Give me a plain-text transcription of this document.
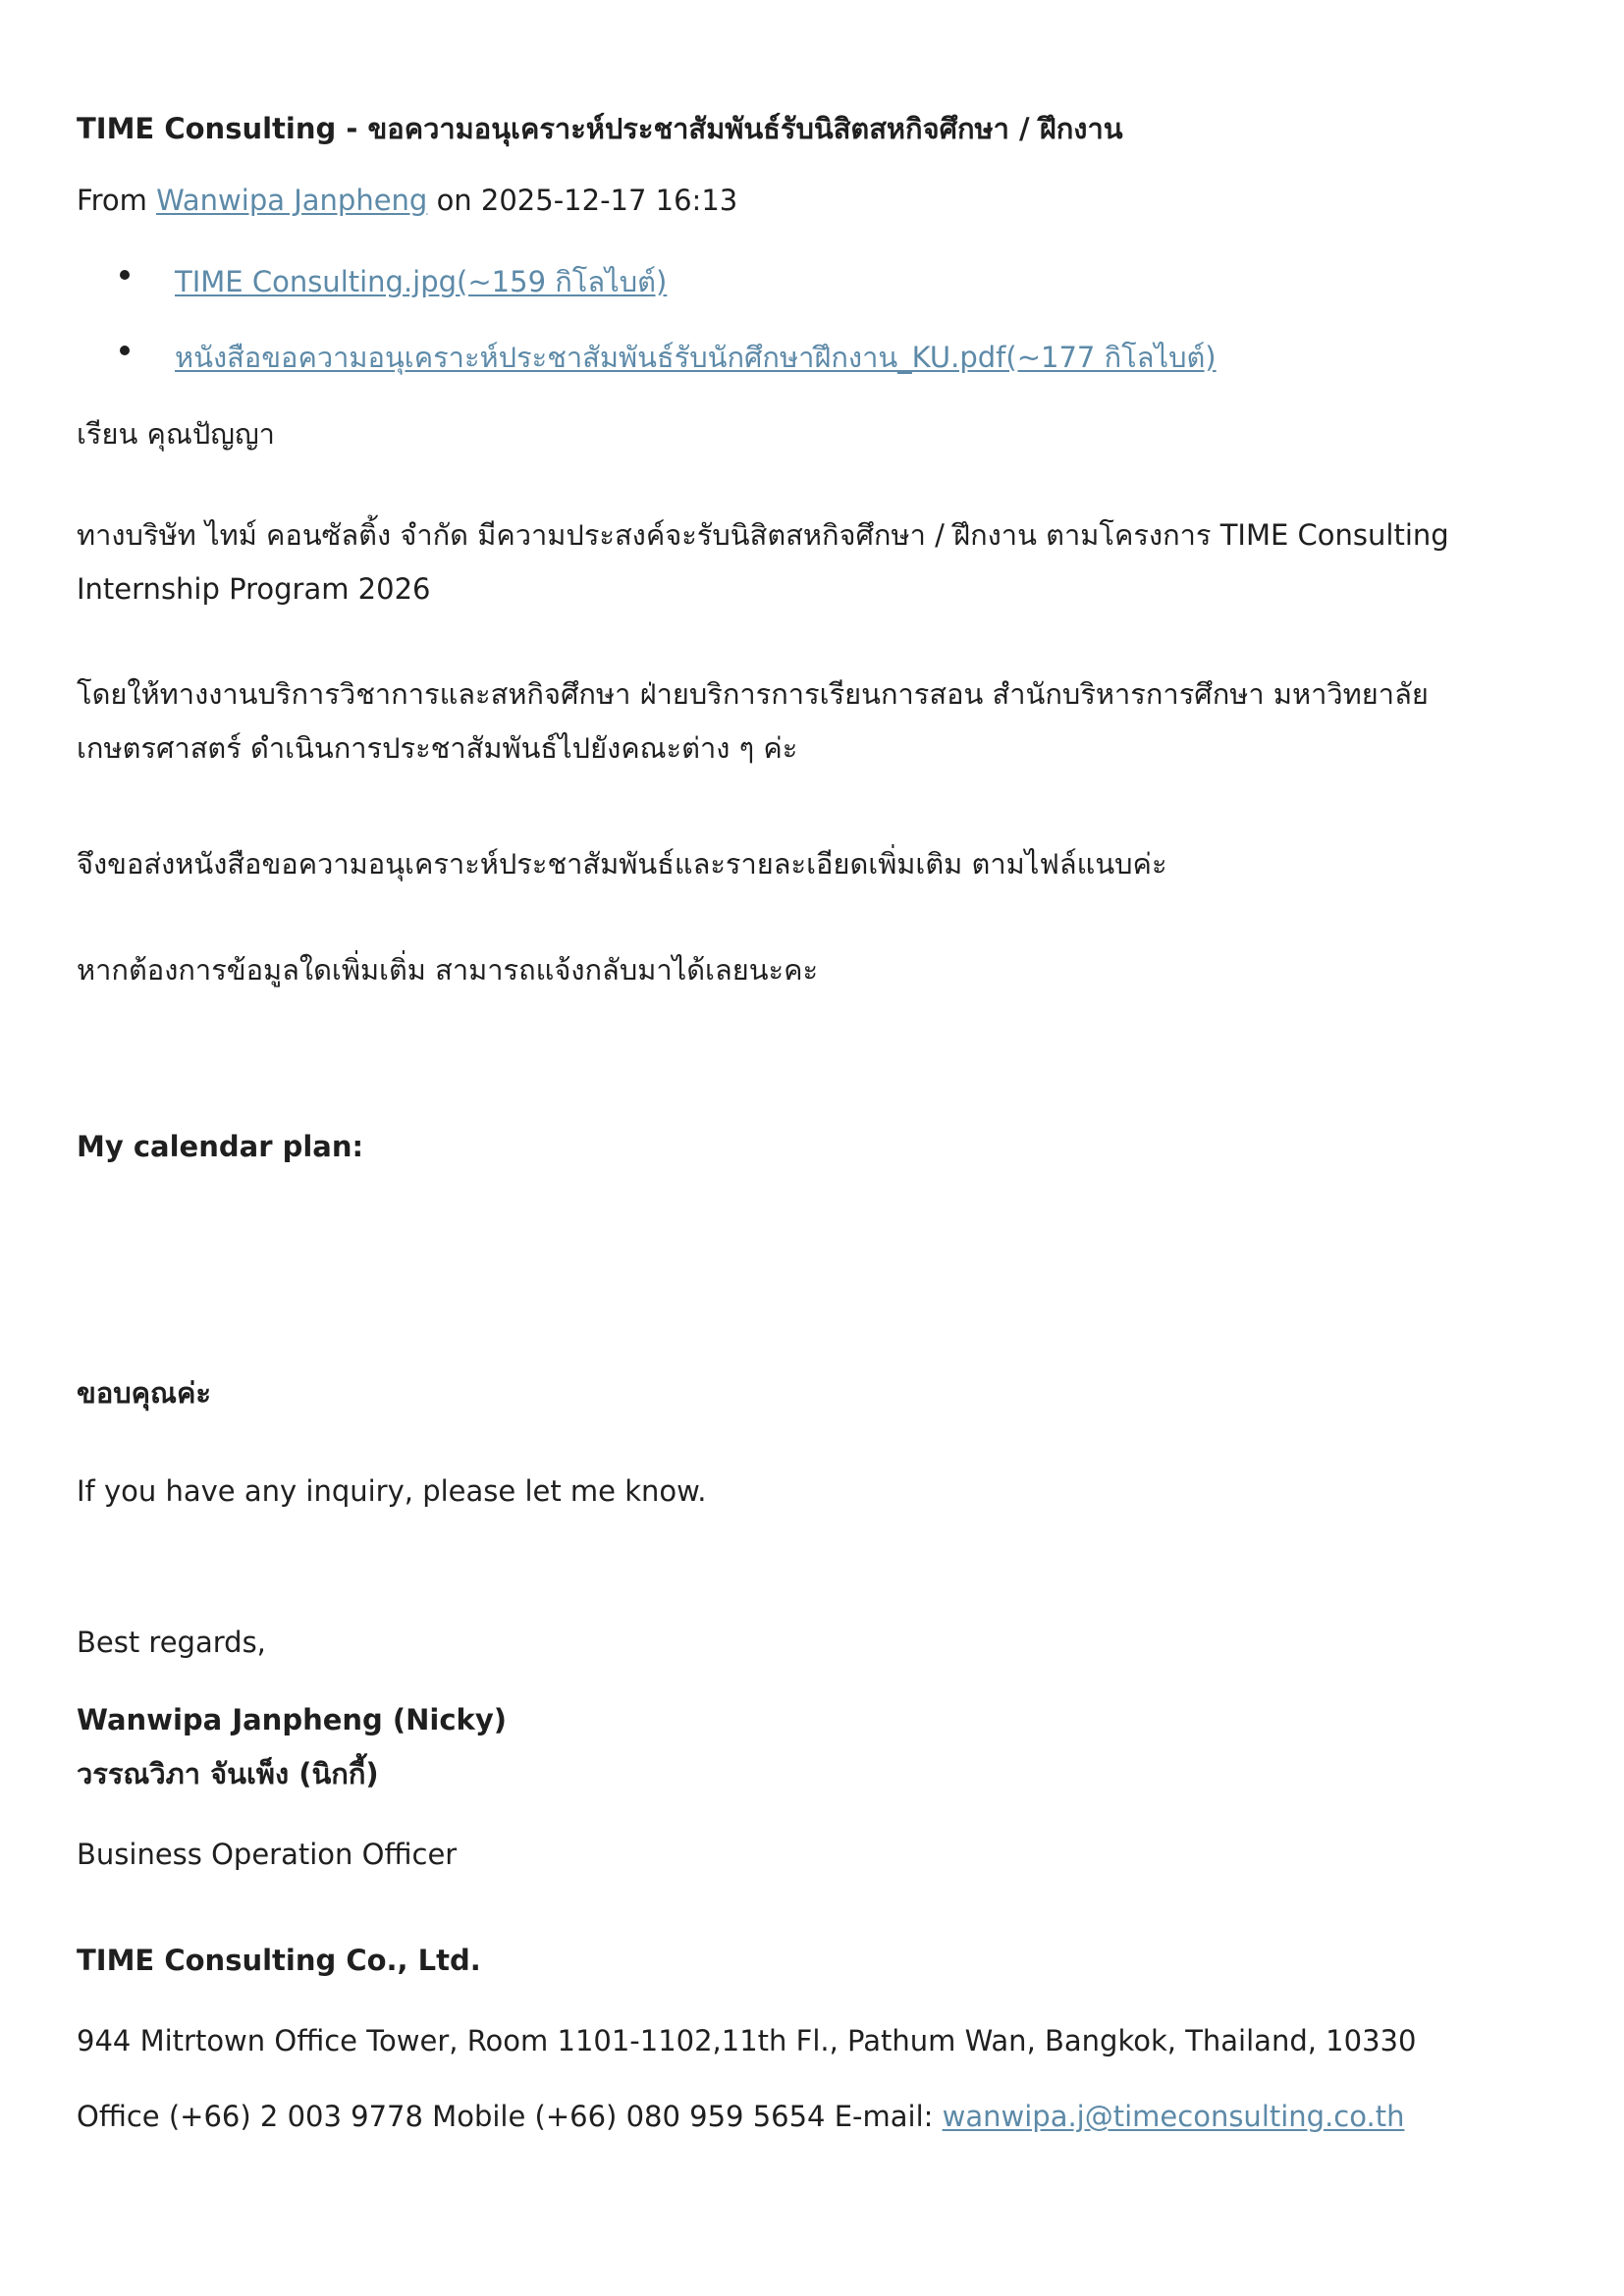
TIME Consulting - ขอความอนุเคราะห์ประชาสัมพันธ์รับนิสิตสหกิจศึกษา / ฝึกงาน
From Wanwipa Janpheng on 2025-12-17 16:13
TIME Consulting.jpg(~159 กิโลไบต์)
หนังสือขอความอนุเคราะห์ประชาสัมพันธ์รับนักศึกษาฝึกงาน_KU.pdf(~177 กิโลไบต์)
เรียน คุณปัญญา
ทางบริษัท ไทม์ คอนซัลติ้ง จำกัด มีความประสงค์จะรับนิสิตสหกิจศึกษา / ฝึกงาน ตามโครงการ TIME Consulting Internship Program 2026
โดยให้ทางงานบริการวิชาการและสหกิจศึกษา ฝ่ายบริการการเรียนการสอน สำนักบริหารการศึกษา มหาวิทยาลัยเกษตรศาสตร์ ดำเนินการประชาสัมพันธ์ไปยังคณะต่าง ๆ ค่ะ
จึงขอส่งหนังสือขอความอนุเคราะห์ประชาสัมพันธ์และรายละเอียดเพิ่มเติม ตามไฟล์แนบค่ะ
หากต้องการข้อมูลใดเพิ่มเติ่ม สามารถแจ้งกลับมาได้เลยนะคะ
My calendar plan:
ขอบคุณค่ะ
If you have any inquiry, please let me know.
Best regards,
Wanwipa Janpheng (Nicky)
วรรณวิภา จันเพ็ง (นิกกี้)
Business Operation Officer
TIME Consulting Co., Ltd.
944 Mitrtown Office Tower, Room 1101-1102,11th Fl., Pathum Wan, Bangkok, Thailand, 10330
Office (+66) 2 003 9778 Mobile (+66) 080 959 5654 E-mail: wanwipa.j@timeconsulting.co.th
